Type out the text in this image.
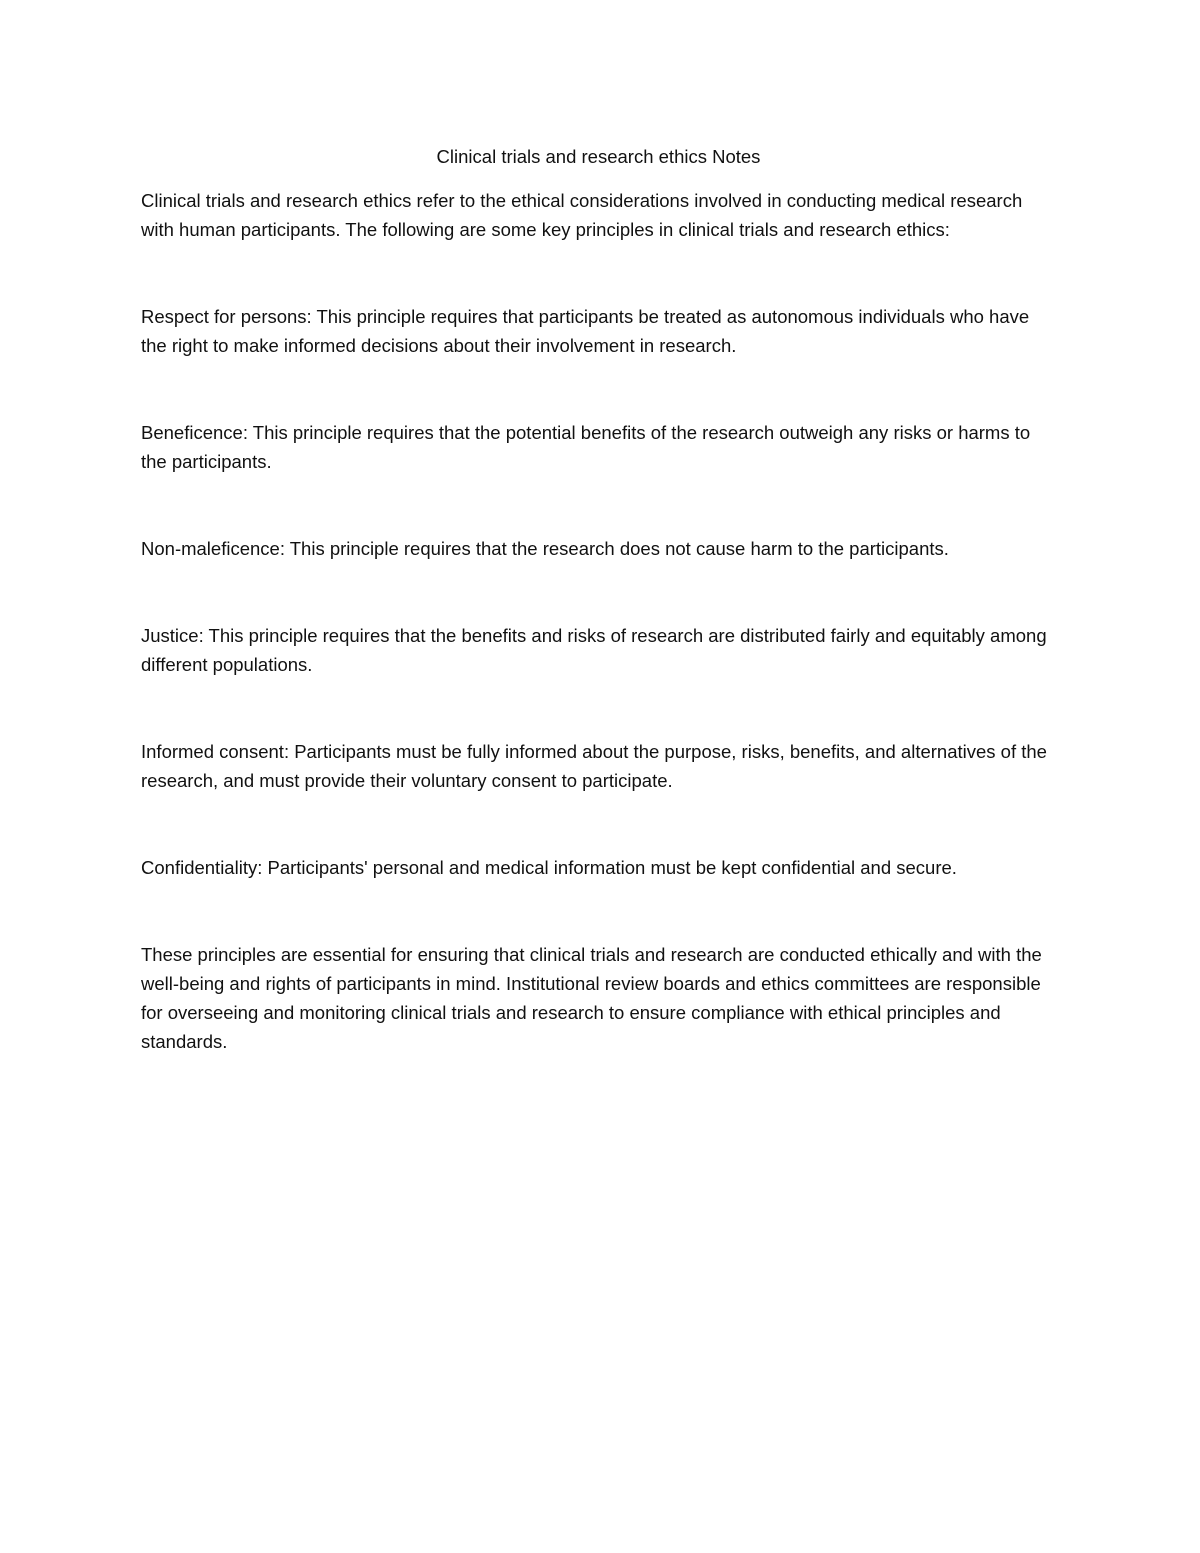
Clinical trials and research ethics Notes

Clinical trials and research ethics refer to the ethical considerations involved in conducting medical research with human participants. The following are some key principles in clinical trials and research ethics:

Respect for persons: This principle requires that participants be treated as autonomous individuals who have the right to make informed decisions about their involvement in research.

Beneficence: This principle requires that the potential benefits of the research outweigh any risks or harms to the participants.

Non-maleficence: This principle requires that the research does not cause harm to the participants.

Justice: This principle requires that the benefits and risks of research are distributed fairly and equitably among different populations.

Informed consent: Participants must be fully informed about the purpose, risks, benefits, and alternatives of the research, and must provide their voluntary consent to participate.

Confidentiality: Participants' personal and medical information must be kept confidential and secure.

These principles are essential for ensuring that clinical trials and research are conducted ethically and with the well-being and rights of participants in mind. Institutional review boards and ethics committees are responsible for overseeing and monitoring clinical trials and research to ensure compliance with ethical principles and standards.
